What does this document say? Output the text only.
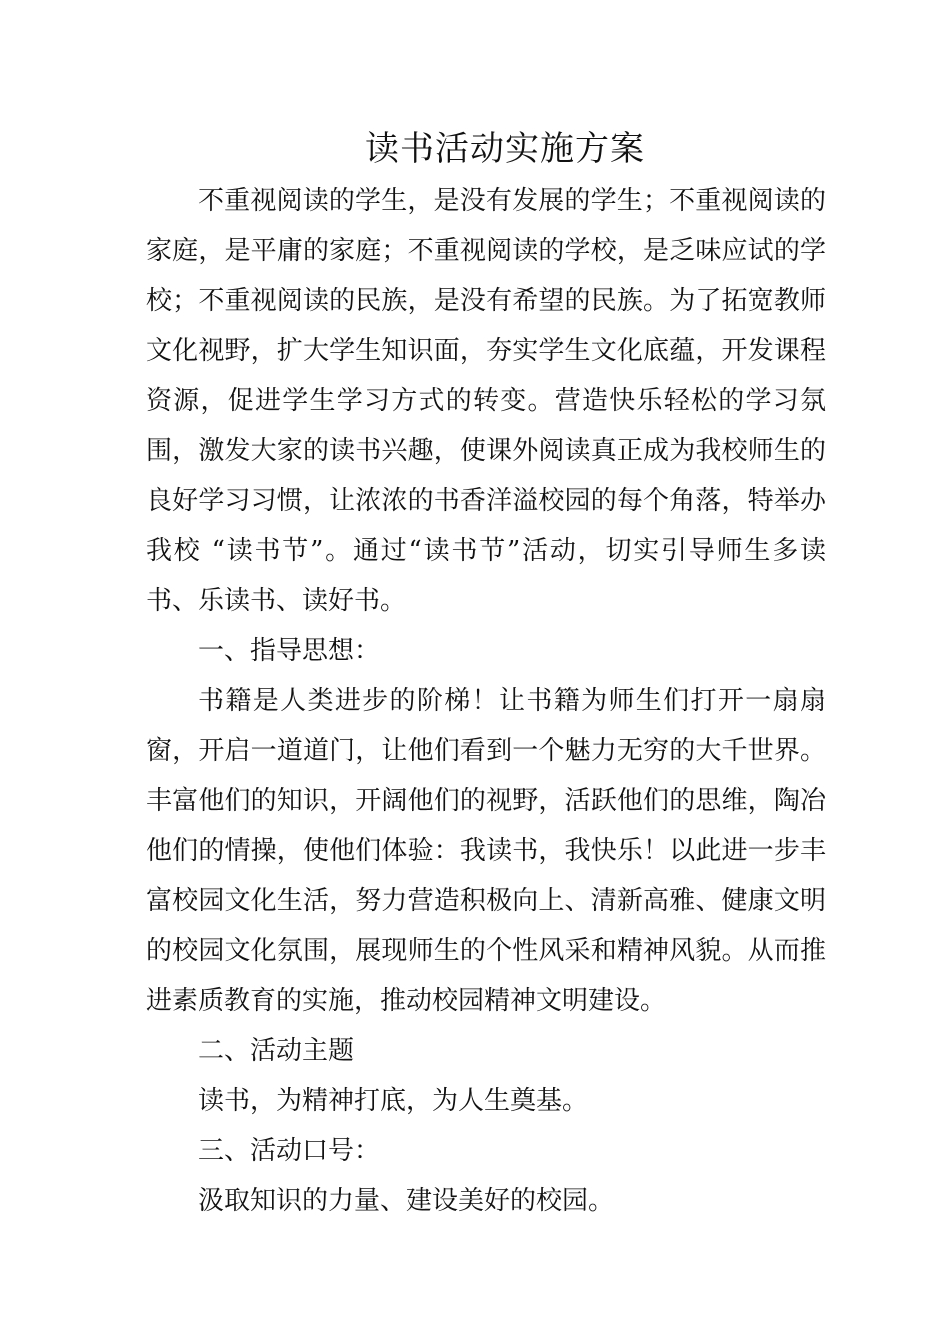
读书活动实施方案

不重视阅读的学生，是没有发展的学生；不重视阅读的家庭，是平庸的家庭；不重视阅读的学校，是乏味应试的学校；不重视阅读的民族，是没有希望的民族。为了拓宽教师文化视野，扩大学生知识面，夯实学生文化底蕴，开发课程资源，促进学生学习方式的转变。营造快乐轻松的学习氛围，激发大家的读书兴趣，使课外阅读真正成为我校师生的良好学习习惯，让浓浓的书香洋溢校园的每个角落，特举办我校 “读书节”。通过“读书节”活动，切实引导师生多读书、乐读书、读好书。

一、指导思想：

书籍是人类进步的阶梯！让书籍为师生们打开一扇扇窗，开启一道道门，让他们看到一个魅力无穷的大千世界。丰富他们的知识，开阔他们的视野，活跃他们的思维，陶冶他们的情操，使他们体验：我读书，我快乐！以此进一步丰富校园文化生活，努力营造积极向上、清新高雅、健康文明的校园文化氛围，展现师生的个性风采和精神风貌。从而推进素质教育的实施，推动校园精神文明建设。

二、活动主题

读书，为精神打底，为人生奠基。

三、活动口号：

汲取知识的力量、建设美好的校园。
